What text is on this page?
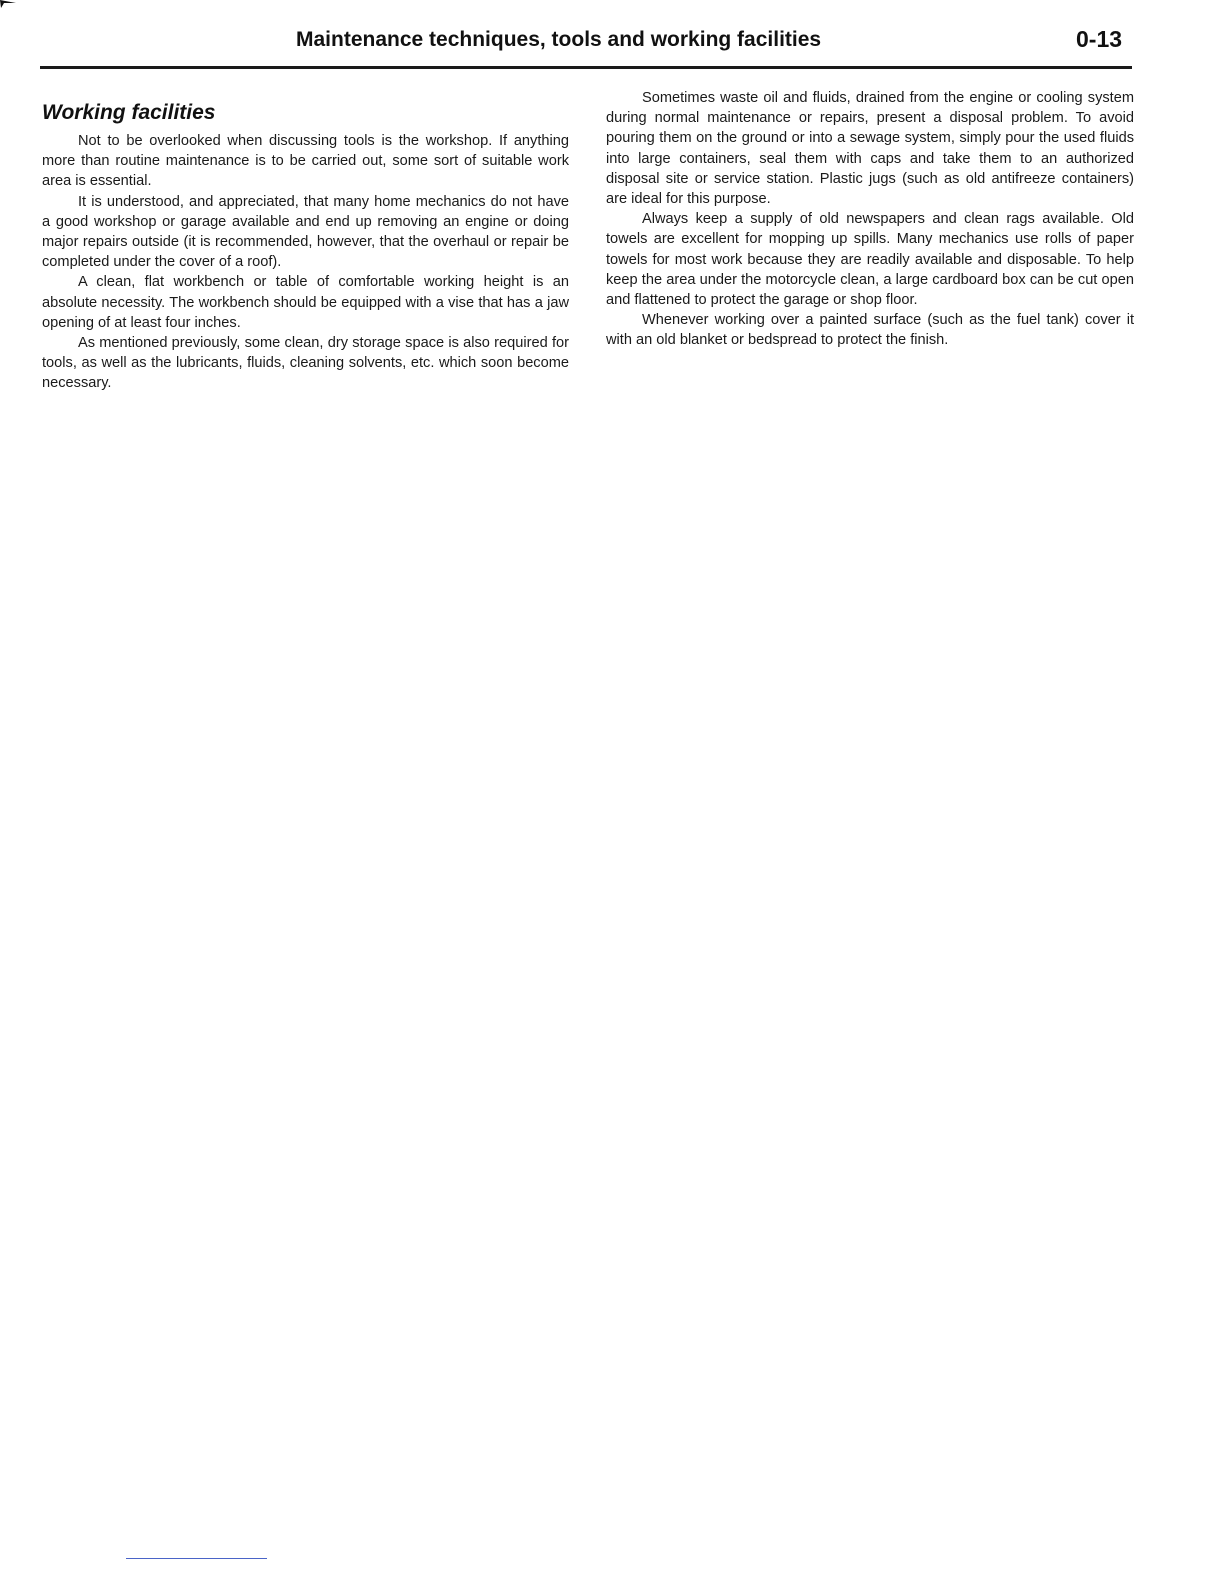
Maintenance techniques, tools and working facilities	0-13
Working facilities

Not to be overlooked when discussing tools is the workshop. If anything more than routine maintenance is to be carried out, some sort of suitable work area is essential.

It is understood, and appreciated, that many home mechanics do not have a good workshop or garage available and end up removing an engine or doing major repairs outside (it is recommended, however, that the overhaul or repair be completed under the cover of a roof).

A clean, flat workbench or table of comfortable working height is an absolute necessity. The workbench should be equipped with a vise that has a jaw opening of at least four inches.

As mentioned previously, some clean, dry storage space is also required for tools, as well as the lubricants, fluids, cleaning solvents, etc. which soon become necessary.

Sometimes waste oil and fluids, drained from the engine or cooling system during normal maintenance or repairs, present a disposal problem. To avoid pouring them on the ground or into a sewage system, simply pour the used fluids into large containers, seal them with caps and take them to an authorized disposal site or service station. Plastic jugs (such as old antifreeze containers) are ideal for this purpose.

Always keep a supply of old newspapers and clean rags available. Old towels are excellent for mopping up spills. Many mechanics use rolls of paper towels for most work because they are readily available and disposable. To help keep the area under the motorcycle clean, a large cardboard box can be cut open and flattened to protect the garage or shop floor.

Whenever working over a painted surface (such as the fuel tank) cover it with an old blanket or bedspread to protect the finish.
